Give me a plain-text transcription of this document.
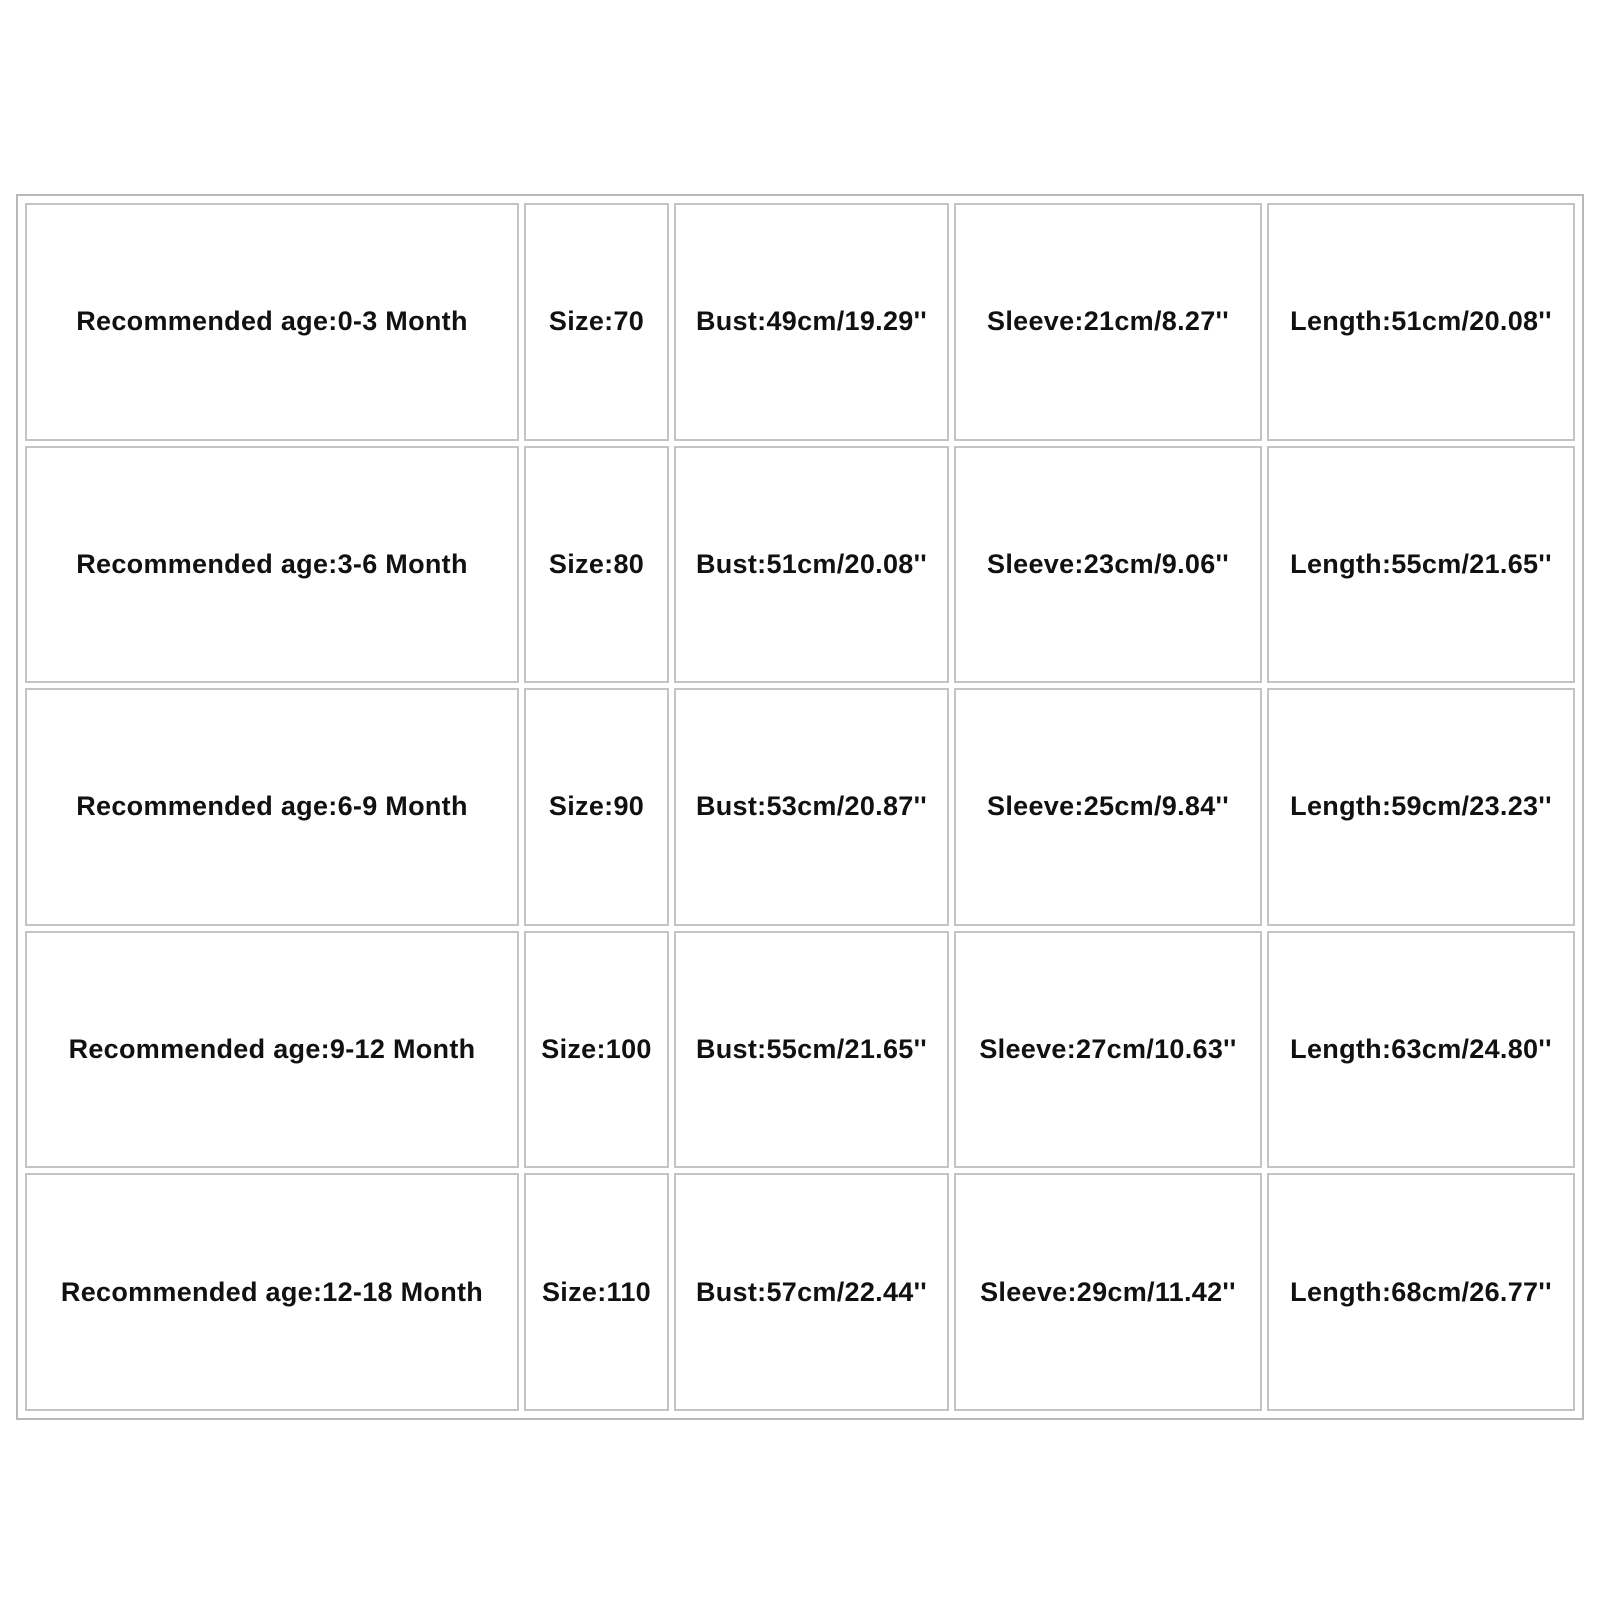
Recommended age:0-3 Month	Size:70	Bust:49cm/19.29''	Sleeve:21cm/8.27''	Length:51cm/20.08''
Recommended age:3-6 Month	Size:80	Bust:51cm/20.08''	Sleeve:23cm/9.06''	Length:55cm/21.65''
Recommended age:6-9 Month	Size:90	Bust:53cm/20.87''	Sleeve:25cm/9.84''	Length:59cm/23.23''
Recommended age:9-12 Month	Size:100	Bust:55cm/21.65''	Sleeve:27cm/10.63''	Length:63cm/24.80''
Recommended age:12-18 Month	Size:110	Bust:57cm/22.44''	Sleeve:29cm/11.42''	Length:68cm/26.77''
